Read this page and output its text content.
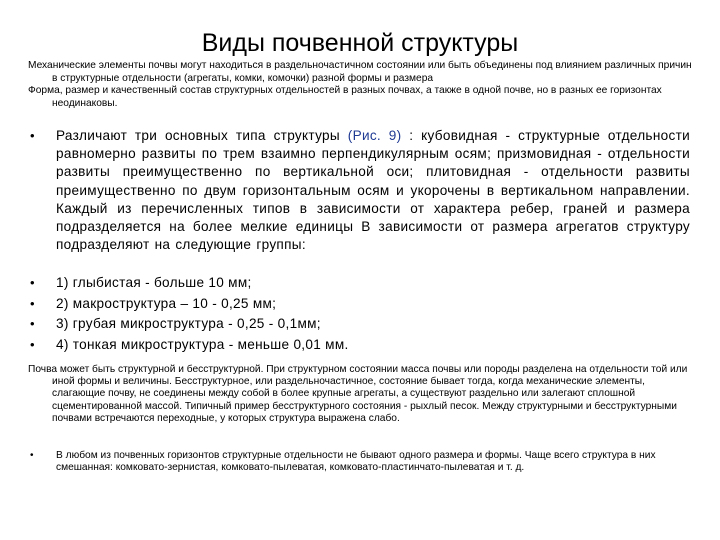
Виды почвенной структуры

Механические элементы почвы могут находиться в раздельночастичном состоянии или быть объединены под влиянием различных причин в структурные отдельности (агрегаты, комки, комочки) разной формы и размера

Форма, размер и качественный состав структурных отдельностей в разных почвах, а также в одной почве, но в разных ее горизонтах неодинаковы.

•	Различают три основных типа структуры (Рис. 9) : кубовидная - структурные отдельности равномерно развиты по трем взаимно перпендикулярным осям; призмовидная - отдельности развиты преимущественно по вертикальной оси; плитовидная - отдельности развиты преимущественно по двум горизонтальным осям и укорочены в вертикальном направлении. Каждый из перечисленных типов в зависимости от характера ребер, граней и размера подразделяется на более мелкие единицы В зависимости от размера агрегатов структуру подразделяют на следующие группы:
•	1) глыбистая - больше 10 мм;
•	2) макроструктура – 10 - 0,25 мм;
•	3) грубая микроструктура - 0,25 - 0,1мм;
•	4) тонкая микроструктура - меньше 0,01 мм.
Почва может быть структурной и бесструктурной. При структурном состоянии масса почвы или породы разделена на отдельности той или иной формы и величины. Бесструктурное, или раздельночастичное, состояние бывает тогда, когда механические элементы, слагающие почву, не соединены между собой в более крупные агрегаты, а существуют раздельно или залегают сплошной сцементированной массой. Типичный пример бесструктурного состояния - рыхлый песок. Между структурными и бесструктурными почвами встречаются переходные, у которых структура выражена слабо.
•	В любом из почвенных горизонтов структурные отдельности не бывают одного размера и формы. Чаще всего структура в них смешанная: комковато-зернистая, комковато-пылеватая, комковато-пластинчато-пылеватая и т. д.
